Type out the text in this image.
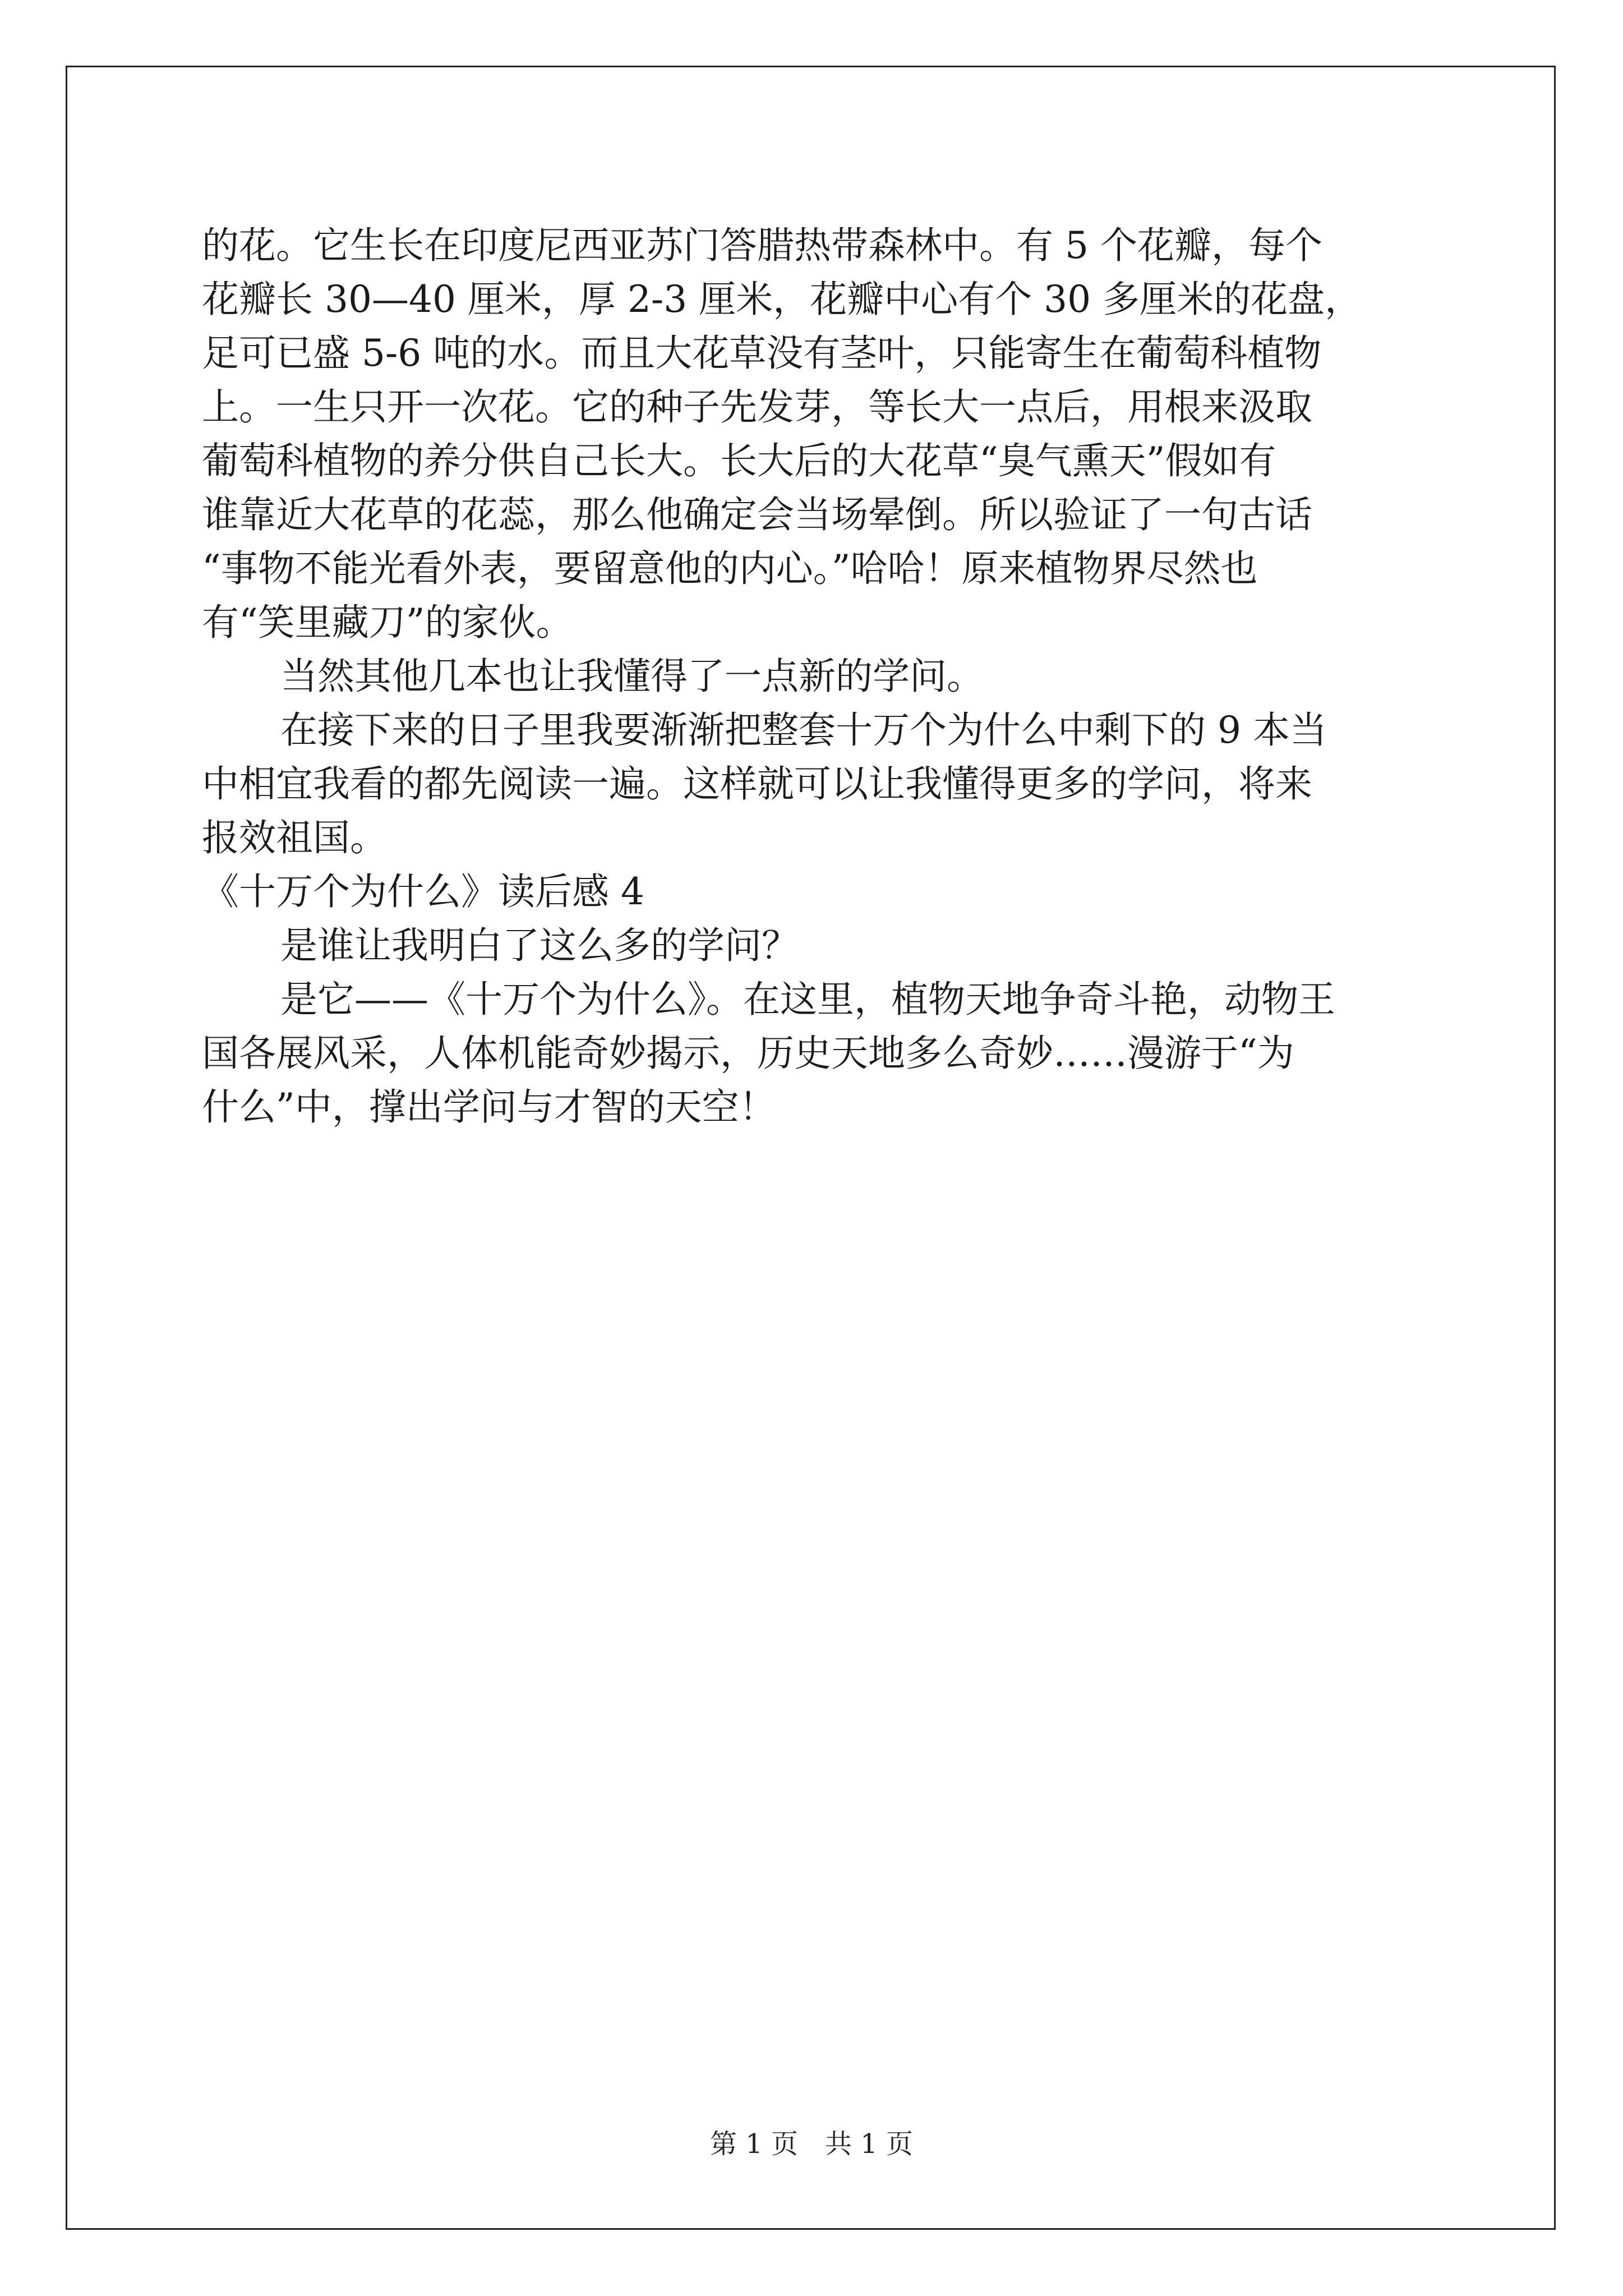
的花。它生长在印度尼西亚苏门答腊热带森林中。有 5 个花瓣，每个
花瓣长 30—40 厘米，厚 2-3 厘米，花瓣中心有个 30 多厘米的花盘，
足可已盛 5-6 吨的水。而且大花草没有茎叶，只能寄生在葡萄科植物
上。一生只开一次花。它的种子先发芽，等长大一点后，用根来汲取
葡萄科植物的养分供自己长大。长大后的大花草“臭气熏天”假如有
谁靠近大花草的花蕊，那么他确定会当场晕倒。所以验证了一句古话
“事物不能光看外表，要留意他的内心。”哈哈！原来植物界尽然也
有“笑里藏刀”的家伙。
当然其他几本也让我懂得了一点新的学问。
在接下来的日子里我要渐渐把整套十万个为什么中剩下的 9 本当
中相宜我看的都先阅读一遍。这样就可以让我懂得更多的学问，将来
报效祖国。
《十万个为什么》读后感 4
是谁让我明白了这么多的学问？
是它——《十万个为什么》。在这里，植物天地争奇斗艳，动物王
国各展风采，人体机能奇妙揭示，历史天地多么奇妙……漫游于“为
什么”中，撑出学问与才智的天空！
第 1 页　共 1 页
